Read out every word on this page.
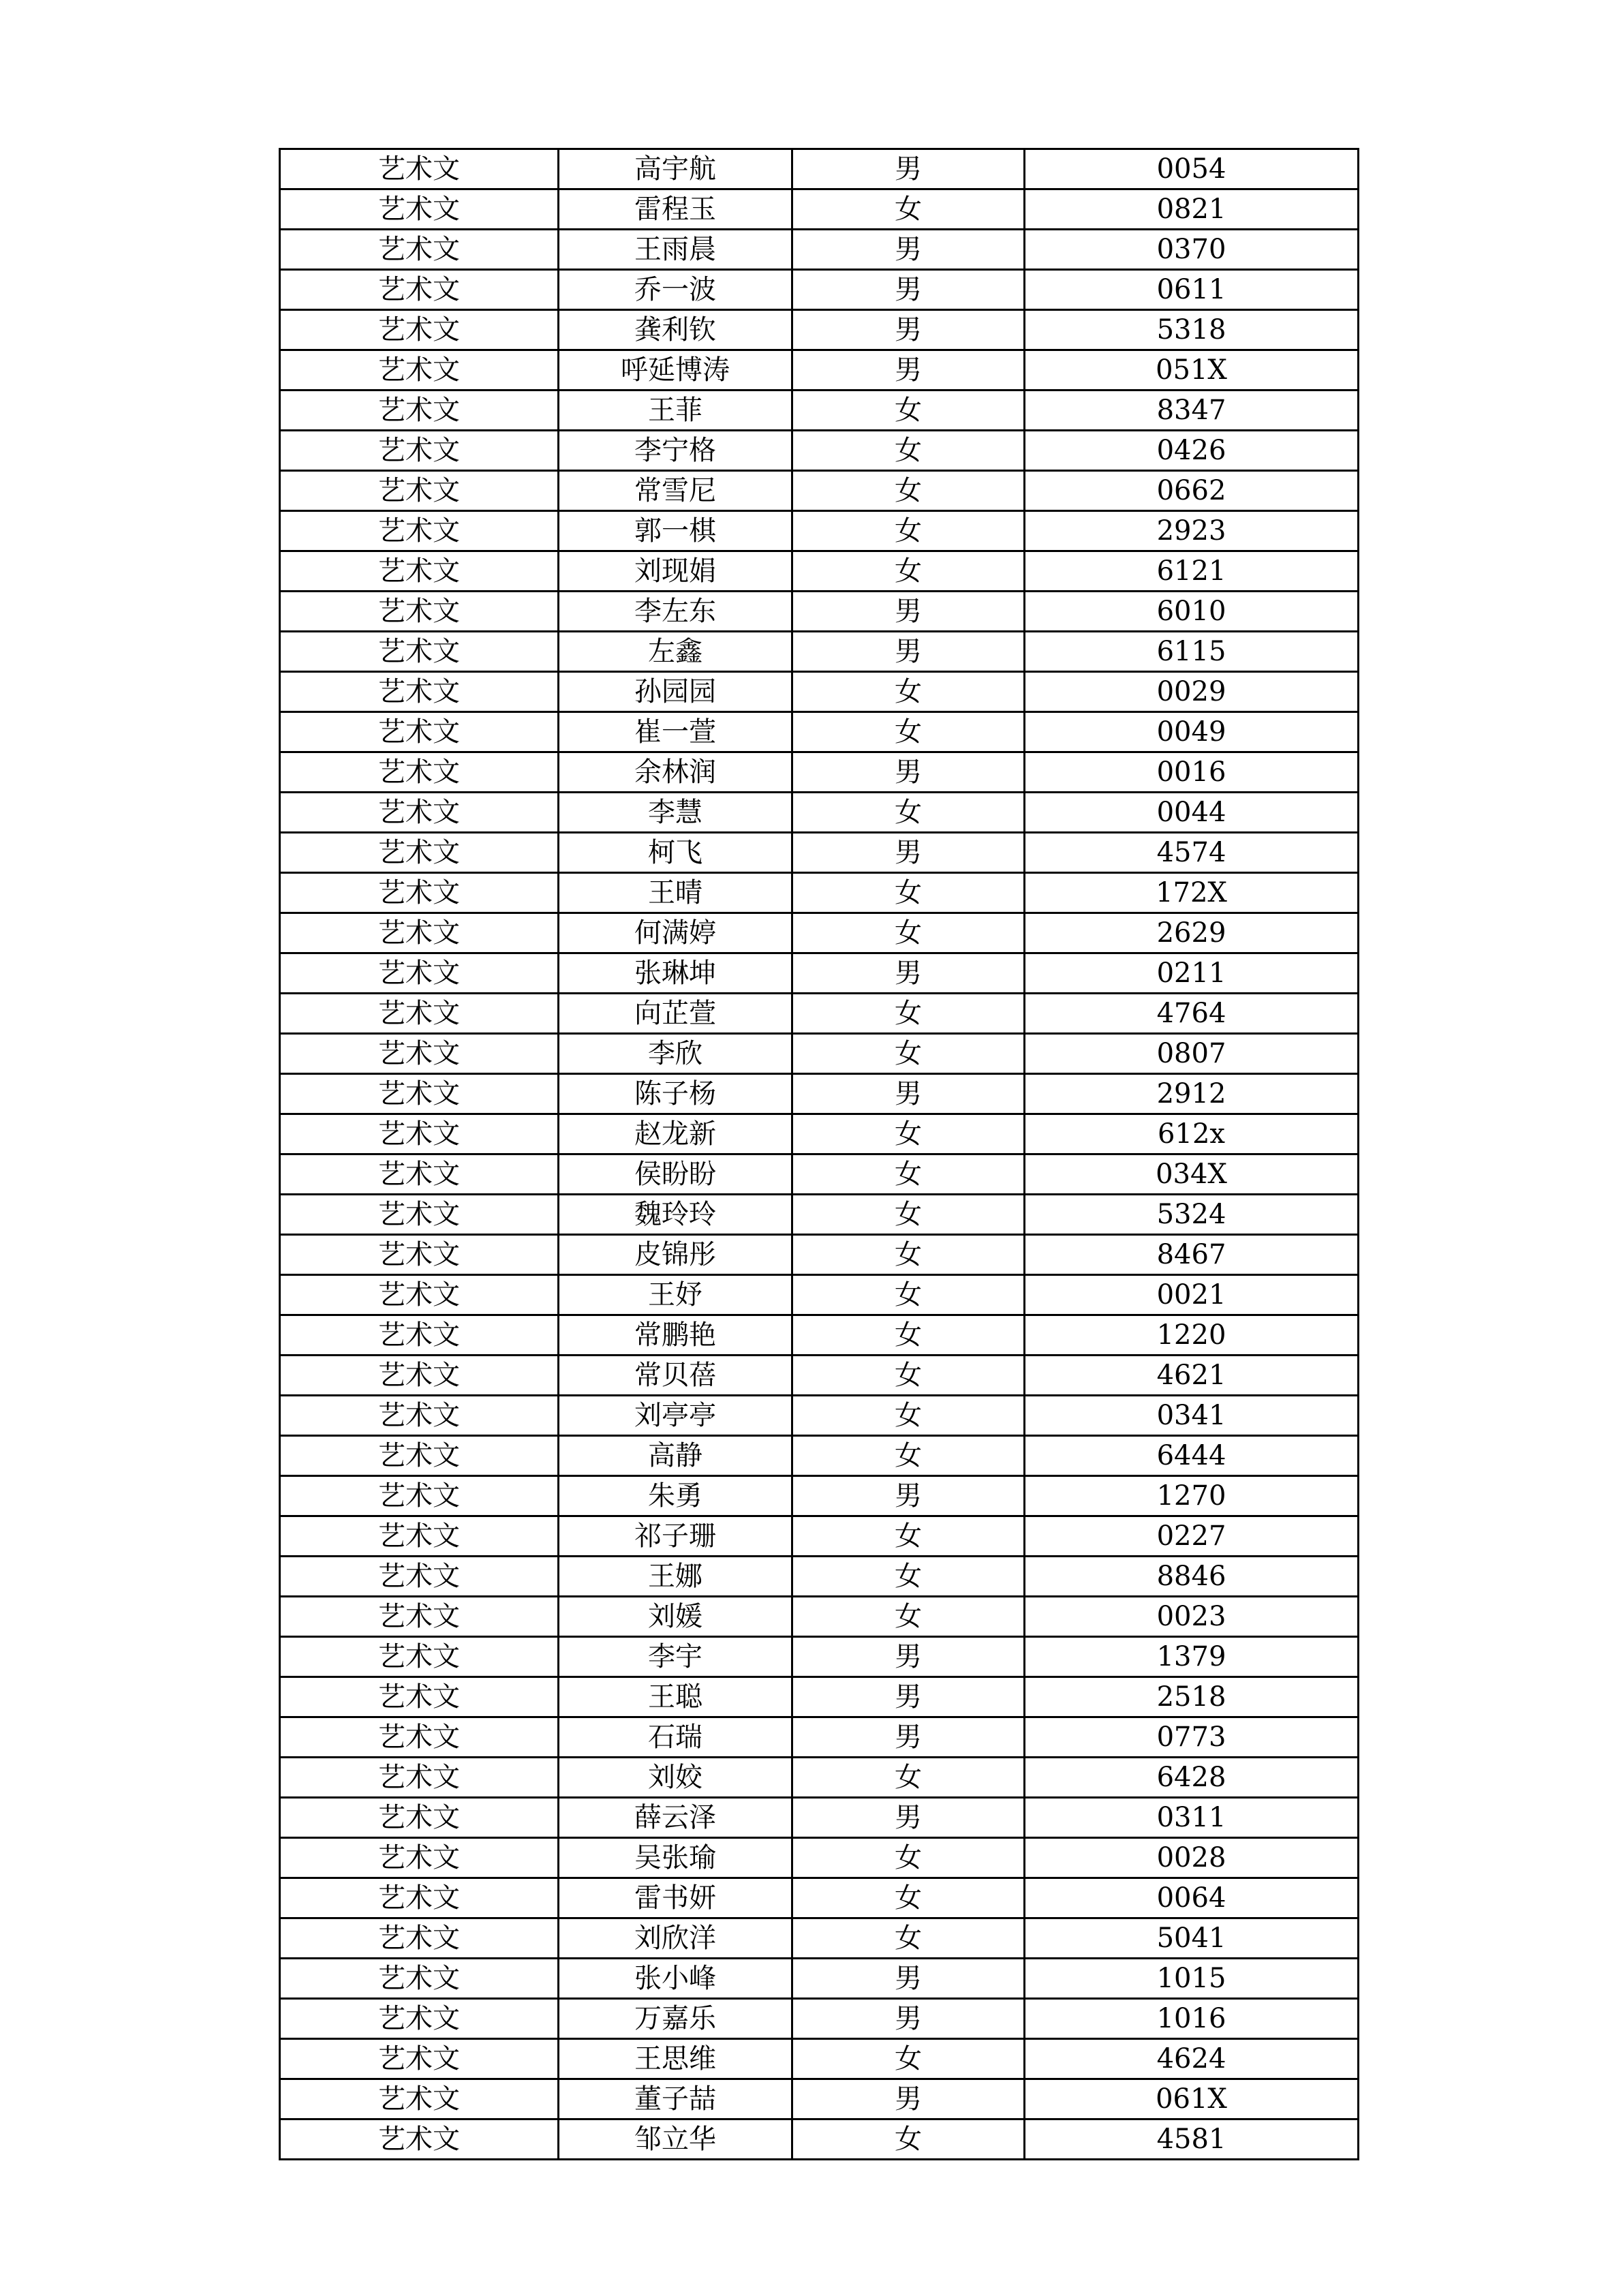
艺术文	高宇航	男	0054
艺术文	雷程玉	女	0821
艺术文	王雨晨	男	0370
艺术文	乔一波	男	0611
艺术文	龚利钦	男	5318
艺术文	呼延博涛	男	051X
艺术文	王菲	女	8347
艺术文	李宁格	女	0426
艺术文	常雪尼	女	0662
艺术文	郭一棋	女	2923
艺术文	刘现娟	女	6121
艺术文	李左东	男	6010
艺术文	左鑫	男	6115
艺术文	孙园园	女	0029
艺术文	崔一萱	女	0049
艺术文	余林润	男	0016
艺术文	李慧	女	0044
艺术文	柯飞	男	4574
艺术文	王晴	女	172X
艺术文	何满婷	女	2629
艺术文	张琳坤	男	0211
艺术文	向芷萱	女	4764
艺术文	李欣	女	0807
艺术文	陈子杨	男	2912
艺术文	赵龙新	女	612x
艺术文	侯盼盼	女	034X
艺术文	魏玲玲	女	5324
艺术文	皮锦彤	女	8467
艺术文	王妤	女	0021
艺术文	常鹏艳	女	1220
艺术文	常贝蓓	女	4621
艺术文	刘亭亭	女	0341
艺术文	高静	女	6444
艺术文	朱勇	男	1270
艺术文	祁子珊	女	0227
艺术文	王娜	女	8846
艺术文	刘媛	女	0023
艺术文	李宇	男	1379
艺术文	王聪	男	2518
艺术文	石瑞	男	0773
艺术文	刘姣	女	6428
艺术文	薛云泽	男	0311
艺术文	吴张瑜	女	0028
艺术文	雷书妍	女	0064
艺术文	刘欣洋	女	5041
艺术文	张小峰	男	1015
艺术文	万嘉乐	男	1016
艺术文	王思维	女	4624
艺术文	董子喆	男	061X
艺术文	邹立华	女	4581
